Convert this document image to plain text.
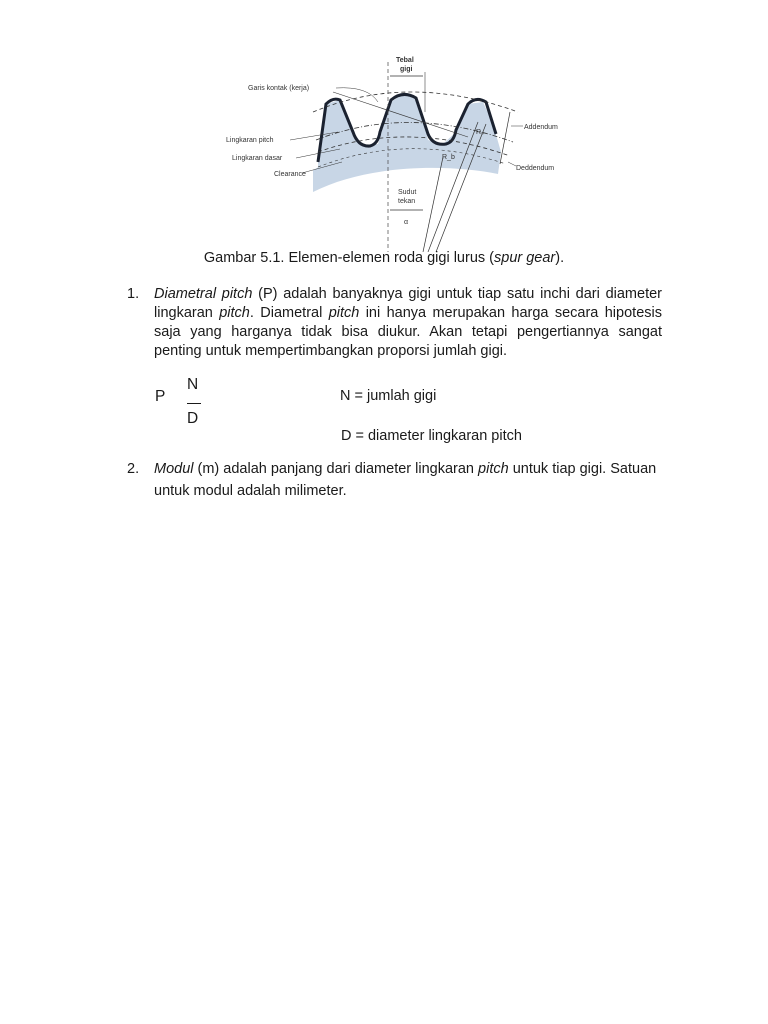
Tebal
gigi
Garis kontak (kerja)
Lingkaran pitch
Lingkaran dasar
Clearance
Addendum
Deddendum
Sudut
tekan
α
R₀
R_b
Gambar 5.1. Elemen-elemen roda gigi lurus (spur gear).
1. Diametral pitch (P) adalah banyaknya gigi untuk tiap satu inchi dari diameter lingkaran pitch. Diametral pitch ini hanya merupakan harga secara hipotesis saja yang harganya tidak bisa diukur. Akan tetapi pengertiannya sangat penting untuk mempertimbangkan proporsi jumlah gigi.
P
N
D
N = jumlah gigi
D = diameter lingkaran pitch
2. Modul (m) adalah panjang dari diameter lingkaran pitch untuk tiap gigi. Satuan untuk modul adalah milimeter.
